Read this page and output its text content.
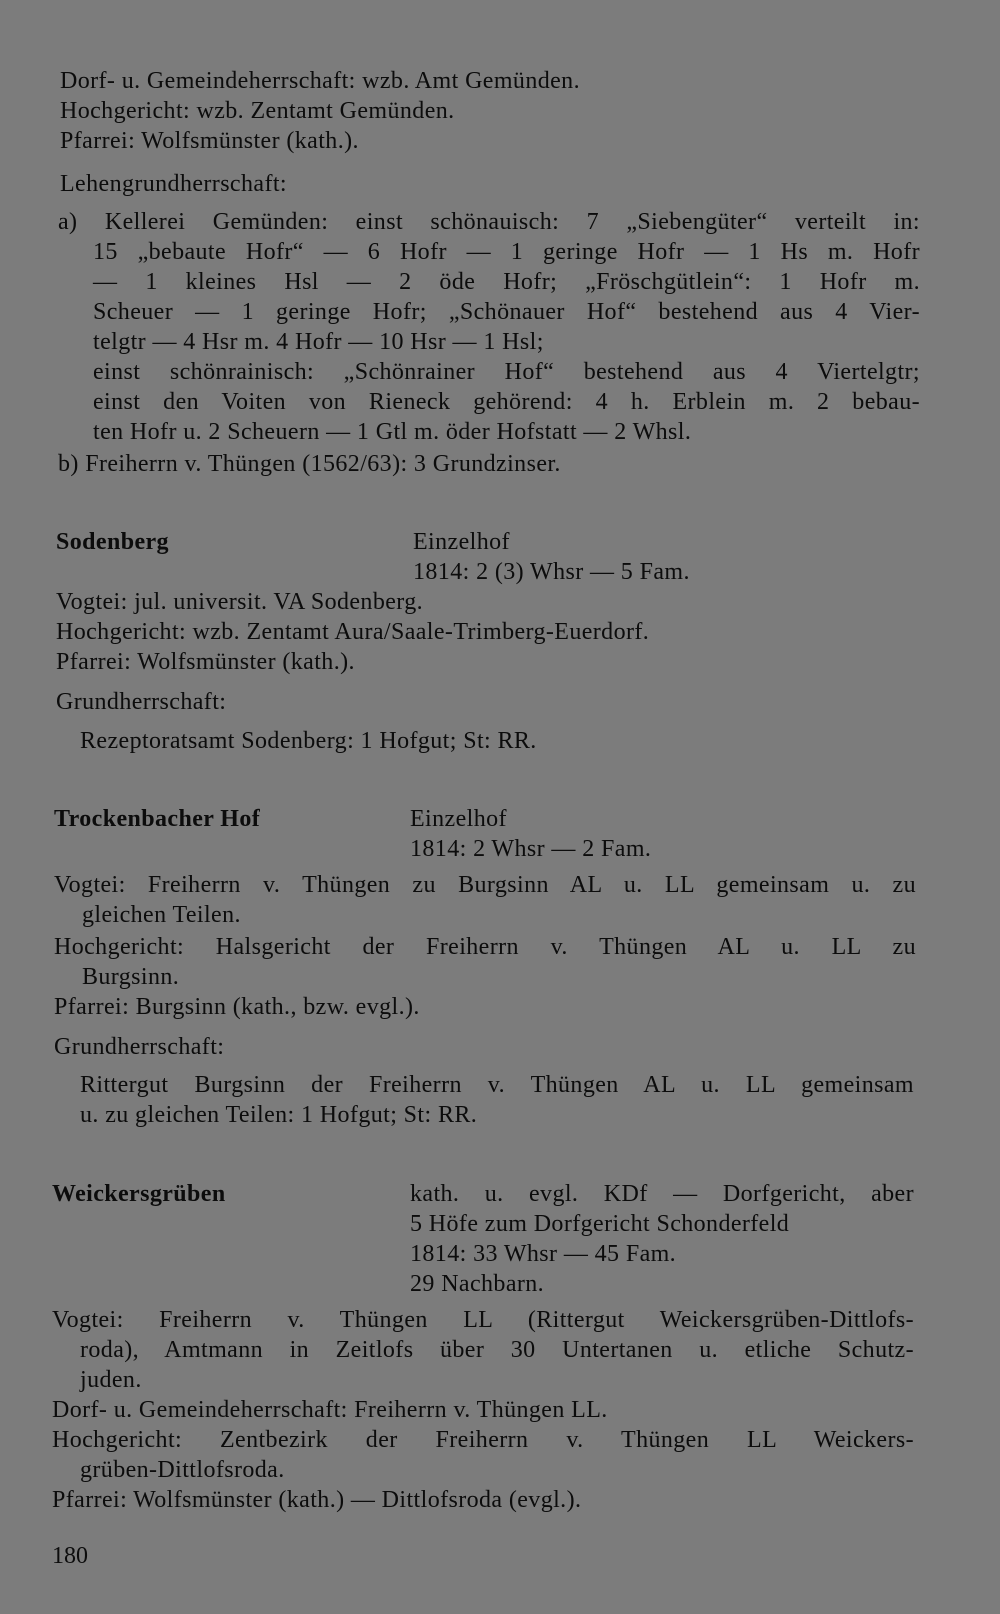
Dorf- u. Gemeindeherrschaft: wzb. Amt Gemünden.
Hochgericht: wzb. Zentamt Gemünden.
Pfarrei: Wolfsmünster (kath.).
Lehengrundherrschaft:
a) Kellerei Gemünden: einst schönauisch: 7 „Siebengüter“ verteilt in:
15 „bebaute Hofr“ — 6 Hofr — 1 geringe Hofr — 1 Hs m. Hofr
— 1 kleines Hsl — 2 öde Hofr; „Fröschgütlein“: 1 Hofr m.
Scheuer — 1 geringe Hofr; „Schönauer Hof“ bestehend aus 4 Vier-
telgtr — 4 Hsr m. 4 Hofr — 10 Hsr — 1 Hsl;
einst schönrainisch: „Schönrainer Hof“ bestehend aus 4 Viertelgtr;
einst den Voiten von Rieneck gehörend: 4 h. Erblein m. 2 bebau-
ten Hofr u. 2 Scheuern — 1 Gtl m. öder Hofstatt — 2 Whsl.
b) Freiherrn v. Thüngen (1562/63): 3 Grundzinser.
Sodenberg	Einzelhof
1814: 2 (3) Whsr — 5 Fam.
Vogtei: jul. universit. VA Sodenberg.
Hochgericht: wzb. Zentamt Aura/Saale-Trimberg-Euerdorf.
Pfarrei: Wolfsmünster (kath.).
Grundherrschaft:
Rezeptoratsamt Sodenberg: 1 Hofgut; St: RR.
Trockenbacher Hof	Einzelhof
1814: 2 Whsr — 2 Fam.
Vogtei: Freiherrn v. Thüngen zu Burgsinn AL u. LL gemeinsam u. zu
gleichen Teilen.
Hochgericht: Halsgericht der Freiherrn v. Thüngen AL u. LL zu
Burgsinn.
Pfarrei: Burgsinn (kath., bzw. evgl.).
Grundherrschaft:
Rittergut Burgsinn der Freiherrn v. Thüngen AL u. LL gemeinsam
u. zu gleichen Teilen: 1 Hofgut; St: RR.
Weickersgrüben	kath. u. evgl. KDf — Dorfgericht, aber
5 Höfe zum Dorfgericht Schonderfeld
1814: 33 Whsr — 45 Fam.
29 Nachbarn.
Vogtei: Freiherrn v. Thüngen LL (Rittergut Weickersgrüben-Dittlofs-
roda), Amtmann in Zeitlofs über 30 Untertanen u. etliche Schutz-
juden.
Dorf- u. Gemeindeherrschaft: Freiherrn v. Thüngen LL.
Hochgericht: Zentbezirk der Freiherrn v. Thüngen LL Weickers-
grüben-Dittlofsroda.
Pfarrei: Wolfsmünster (kath.) — Dittlofsroda (evgl.).
180
